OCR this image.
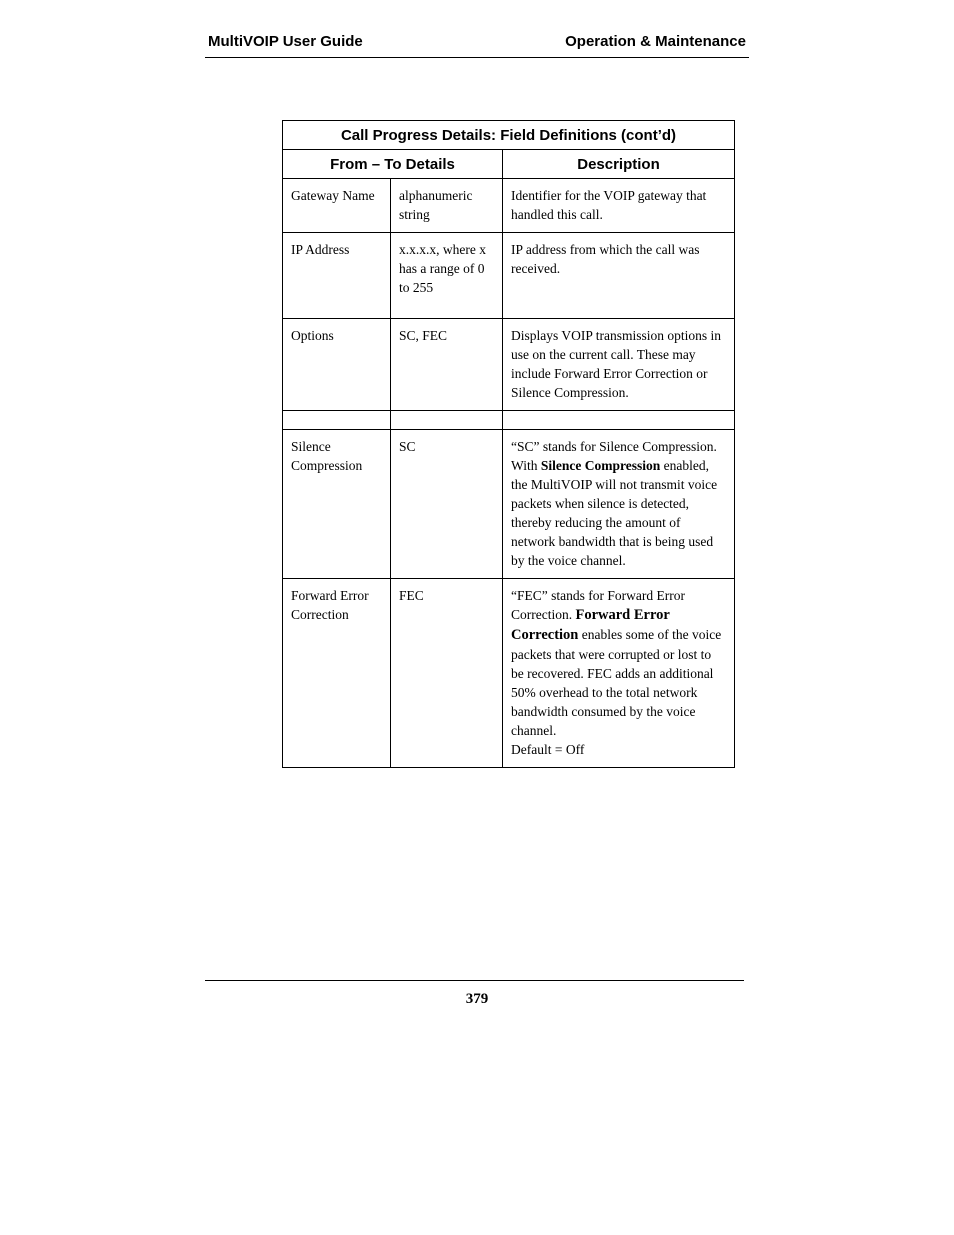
MultiVOIP User Guide	Operation & Maintenance
Call Progress Details: Field Definitions (cont’d)		
From – To Details		Description
Gateway Name	alphanumeric string	Identifier for the VOIP gateway that handled this call.
IP Address	x.x.x.x, where x has a range of 0 to 255	IP address from which the call was received.
Options	SC, FEC	Displays VOIP transmission options in use on the current call. These may include Forward Error Correction or Silence Compression.

Silence Compression	SC	“SC” stands for Silence Compression. With Silence Compression enabled, the MultiVOIP will not transmit voice packets when silence is detected, thereby reducing the amount of network bandwidth that is being used by the voice channel.
Forward Error Correction	FEC	“FEC” stands for Forward Error Correction. Forward Error Correction enables some of the voice packets that were corrupted or lost to be recovered. FEC adds an additional 50% overhead to the total network bandwidth consumed by the voice channel.
Default = Off
379
